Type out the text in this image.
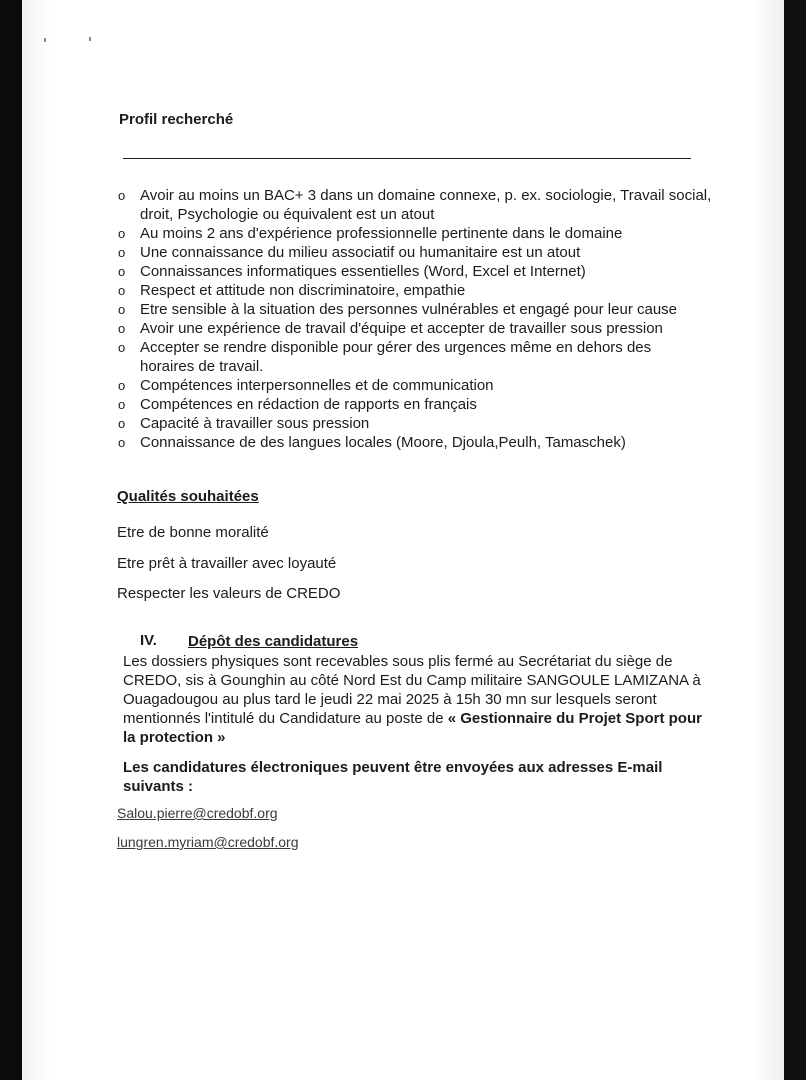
Profil recherché
o Avoir au moins un BAC+ 3 dans un domaine connexe, p. ex. sociologie, Travail social,
droit, Psychologie ou équivalent est un atout
o Au moins 2 ans d'expérience professionnelle pertinente dans le domaine
o Une connaissance du milieu associatif ou humanitaire est un atout
o Connaissances informatiques essentielles (Word, Excel et Internet)
o Respect et attitude non discriminatoire, empathie
o Etre sensible à la situation des personnes vulnérables et engagé pour leur cause
o Avoir une expérience de travail d'équipe et accepter de travailler sous pression
o Accepter se rendre disponible pour gérer des urgences même en dehors des
horaires de travail.
o Compétences interpersonnelles et de communication
o Compétences en rédaction de rapports en français
o Capacité à travailler sous pression
o Connaissance de des langues locales (Moore, Djoula,Peulh, Tamaschek)
Qualités souhaitées
Etre de bonne moralité
Etre prêt à travailler avec loyauté
Respecter les valeurs de CREDO
IV. Dépôt des candidatures

Les dossiers physiques sont recevables sous plis fermé au Secrétariat du siège de

CREDO, sis à Gounghin au côté Nord Est du Camp militaire SANGOULE LAMIZANA à

Ouagadougou au plus tard le jeudi 22 mai 2025 à 15h 30 mn sur lesquels seront

mentionnés l'intitulé du Candidature au poste de « Gestionnaire du Projet Sport pour

la protection »

Les candidatures électroniques peuvent être envoyées aux adresses E-mail

suivants :

Salou.pierre@credobf.org
lungren.myriam@credobf.org
